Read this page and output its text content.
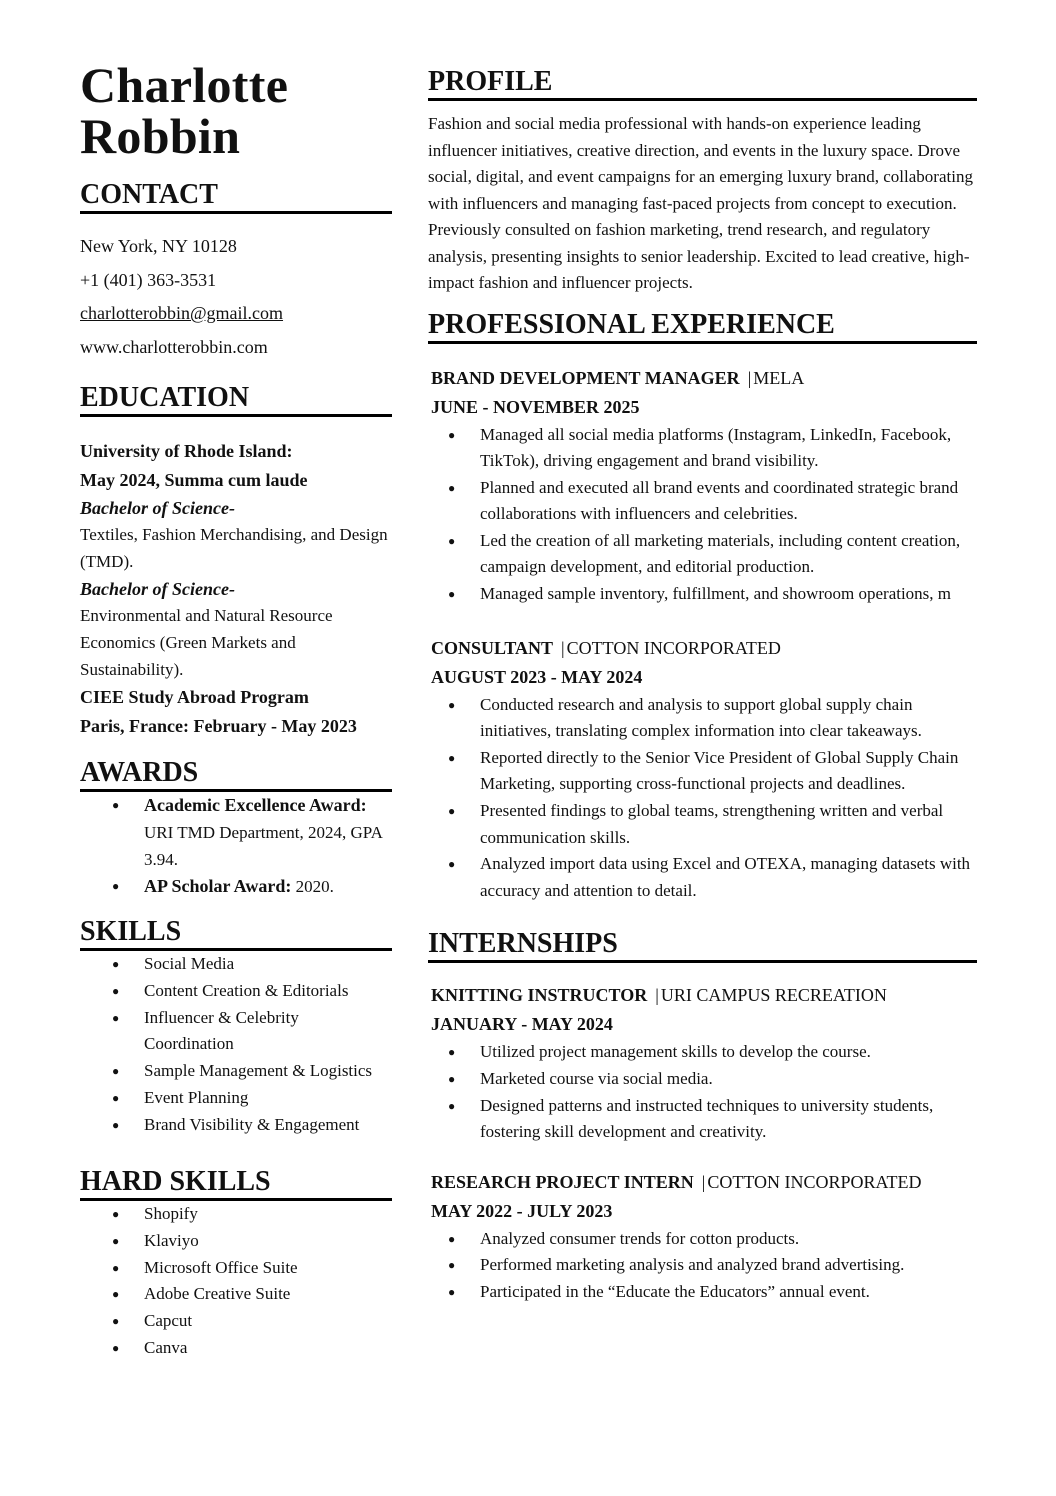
Charlotte
Robbin
CONTACT
New York, NY 10128
+1 (401) 363-3531
charlotterobbin@gmail.com
www.charlotterobbin.com
EDUCATION
University of Rhode Island:
May 2024, Summa cum laude
Bachelor of Science-
Textiles, Fashion Merchandising, and Design (TMD).
Bachelor of Science-
Environmental and Natural Resource Economics (Green Markets and Sustainability).
CIEE Study Abroad Program
Paris, France: February - May 2023
AWARDS
● Academic Excellence Award: URI TMD Department, 2024, GPA 3.94.
● AP Scholar Award: 2020.
SKILLS
● Social Media
● Content Creation & Editorials
● Influencer & Celebrity Coordination
● Sample Management & Logistics
● Event Planning
● Brand Visibility & Engagement
HARD SKILLS
● Shopify
● Klaviyo
● Microsoft Office Suite
● Adobe Creative Suite
● Capcut
● Canva
PROFILE

Fashion and social media professional with hands-on experience leading influencer initiatives, creative direction, and events in the luxury space. Drove social, digital, and event campaigns for an emerging luxury brand, collaborating with influencers and managing fast-paced projects from concept to execution. Previously consulted on fashion marketing, trend research, and regulatory analysis, presenting insights to senior leadership. Excited to lead creative, high-impact fashion and influencer projects.

PROFESSIONAL EXPERIENCE
BRAND DEVELOPMENT MANAGER | MELA
JUNE - NOVEMBER 2025
● Managed all social media platforms (Instagram, LinkedIn, Facebook, TikTok), driving engagement and brand visibility.
● Planned and executed all brand events and coordinated strategic brand collaborations with influencers and celebrities.
● Led the creation of all marketing materials, including content creation, campaign development, and editorial production.
● Managed sample inventory, fulfillment, and showroom operations, m
CONSULTANT | COTTON INCORPORATED
AUGUST 2023 - MAY 2024
● Conducted research and analysis to support global supply chain initiatives, translating complex information into clear takeaways.
● Reported directly to the Senior Vice President of Global Supply Chain Marketing, supporting cross-functional projects and deadlines.
● Presented findings to global teams, strengthening written and verbal communication skills.
● Analyzed import data using Excel and OTEXA, managing datasets with accuracy and attention to detail.
INTERNSHIPS
KNITTING INSTRUCTOR | URI CAMPUS RECREATION
JANUARY - MAY 2024
● Utilized project management skills to develop the course.
● Marketed course via social media.
● Designed patterns and instructed techniques to university students, fostering skill development and creativity.
RESEARCH PROJECT INTERN | COTTON INCORPORATED
MAY 2022 - JULY 2023
● Analyzed consumer trends for cotton products.
● Performed marketing analysis and analyzed brand advertising.
● Participated in the “Educate the Educators” annual event.
